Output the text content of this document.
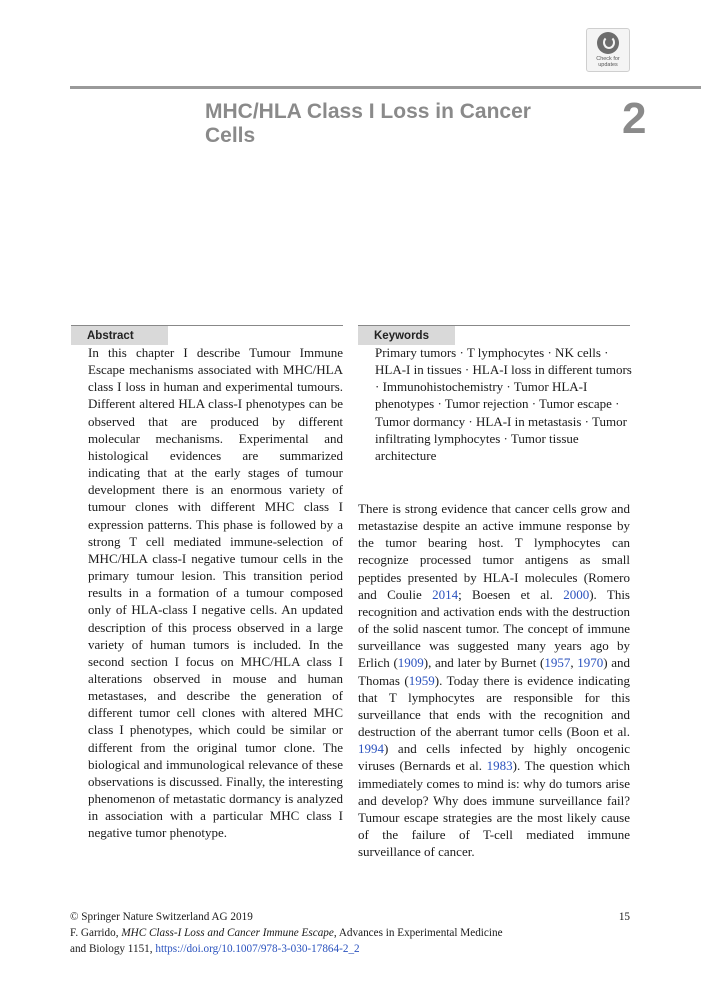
Check for
updates
MHC/HLA Class I Loss in Cancer Cells	2
Abstract

In this chapter I describe Tumour Immune Escape mechanisms associated with MHC/HLA class I loss in human and experimental tumours. Different altered HLA class-I phenotypes can be observed that are produced by different molecular mechanisms. Experimental and histological evidences are summarized indicating that at the early stages of tumour development there is an enormous variety of tumour clones with different MHC class I expression patterns. This phase is followed by a strong T cell mediated immune-selection of MHC/HLA class-I negative tumour cells in the primary tumour lesion. This transition period results in a formation of a tumour composed only of HLA-class I negative cells. An updated description of this process observed in a large variety of human tumors is included. In the second section I focus on MHC/HLA class I alterations observed in mouse and human metastases, and describe the generation of different tumor cell clones with altered MHC class I phenotypes, which could be similar or different from the original tumor clone. The biological and immunological relevance of these observations is discussed. Finally, the interesting phenomenon of metastatic dormancy is analyzed in association with a particular MHC class I negative tumor phenotype.

Keywords

Primary tumors · T lymphocytes · NK cells · HLA-I in tissues · HLA-I loss in different tumors · Immunohistochemistry · Tumor HLA-I phenotypes · Tumor rejection · Tumor escape · Tumor dormancy · HLA-I in metastasis · Tumor infiltrating lymphocytes · Tumor tissue architecture

There is strong evidence that cancer cells grow and metastazise despite an active immune response by the tumor bearing host. T lymphocytes can recognize processed tumor antigens as small peptides presented by HLA-I molecules (Romero and Coulie 2014; Boesen et al. 2000). This recognition and activation ends with the destruction of the solid nascent tumor. The concept of immune surveillance was suggested many years ago by Erlich (1909), and later by Burnet (1957, 1970) and Thomas (1959). Today there is evidence indicating that T lymphocytes are responsible for this surveillance that ends with the recognition and destruction of the aberrant tumor cells (Boon et al. 1994) and cells infected by highly oncogenic viruses (Bernards et al. 1983). The question which immediately comes to mind is: why do tumors arise and develop? Why does immune surveillance fail? Tumour escape strategies are the most likely cause of the failure of T-cell mediated immune surveillance of cancer.

© Springer Nature Switzerland AG 2019	15
F. Garrido, MHC Class-I Loss and Cancer Immune Escape, Advances in Experimental Medicine
and Biology 1151, https://doi.org/10.1007/978-3-030-17864-2_2
